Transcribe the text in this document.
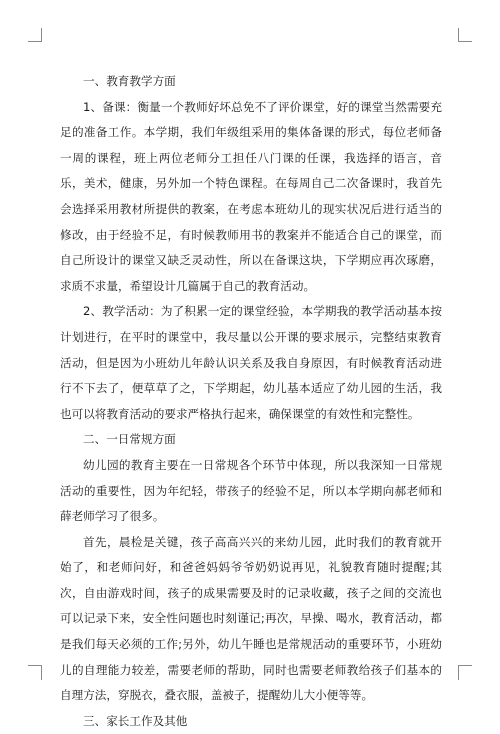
一、教育教学方面

1、备课：衡量一个教师好坏总免不了评价课堂，好的课堂当然需要充足的准备工作。本学期，我们年级组采用的集体备课的形式，每位老师备一周的课程，班上两位老师分工担任八门课的任课，我选择的语言，音乐，美术，健康，另外加一个特色课程。在每周自己二次备课时，我首先会选择采用教材所提供的教案，在考虑本班幼儿的现实状况后进行适当的修改，由于经验不足，有时候教师用书的教案并不能适合自己的课堂，而自己所设计的课堂又缺乏灵动性，所以在备课这块，下学期应再次琢磨，求质不求量，希望设计几篇属于自己的教育活动。

2、教学活动：为了积累一定的课堂经验，本学期我的教学活动基本按计划进行，在平时的课堂中，我尽量以公开课的要求展示，完整结束教育活动，但是因为小班幼儿年龄认识关系及我自身原因，有时候教育活动进行不下去了，便草草了之，下学期起，幼儿基本适应了幼儿园的生活，我也可以将教育活动的要求严格执行起来，确保课堂的有效性和完整性。

二、一日常规方面

幼儿园的教育主要在一日常规各个环节中体现，所以我深知一日常规活动的重要性，因为年纪轻，带孩子的经验不足，所以本学期向郝老师和薛老师学习了很多。

首先，晨检是关键，孩子高高兴兴的来幼儿园，此时我们的教育就开始了，和老师问好，和爸爸妈妈爷爷奶奶说再见，礼貌教育随时提醒;其次，自由游戏时间，孩子的成果需要及时的记录收藏，孩子之间的交流也可以记录下来，安全性问题也时刻谨记;再次，早操、喝水，教育活动，都是我们每天必须的工作;另外，幼儿午睡也是常规活动的重要环节，小班幼儿的自理能力较差，需要老师的帮助，同时也需要老师教给孩子们基本的自理方法，穿脱衣，叠衣服，盖被子，提醒幼儿大小便等等。

三、家长工作及其他
